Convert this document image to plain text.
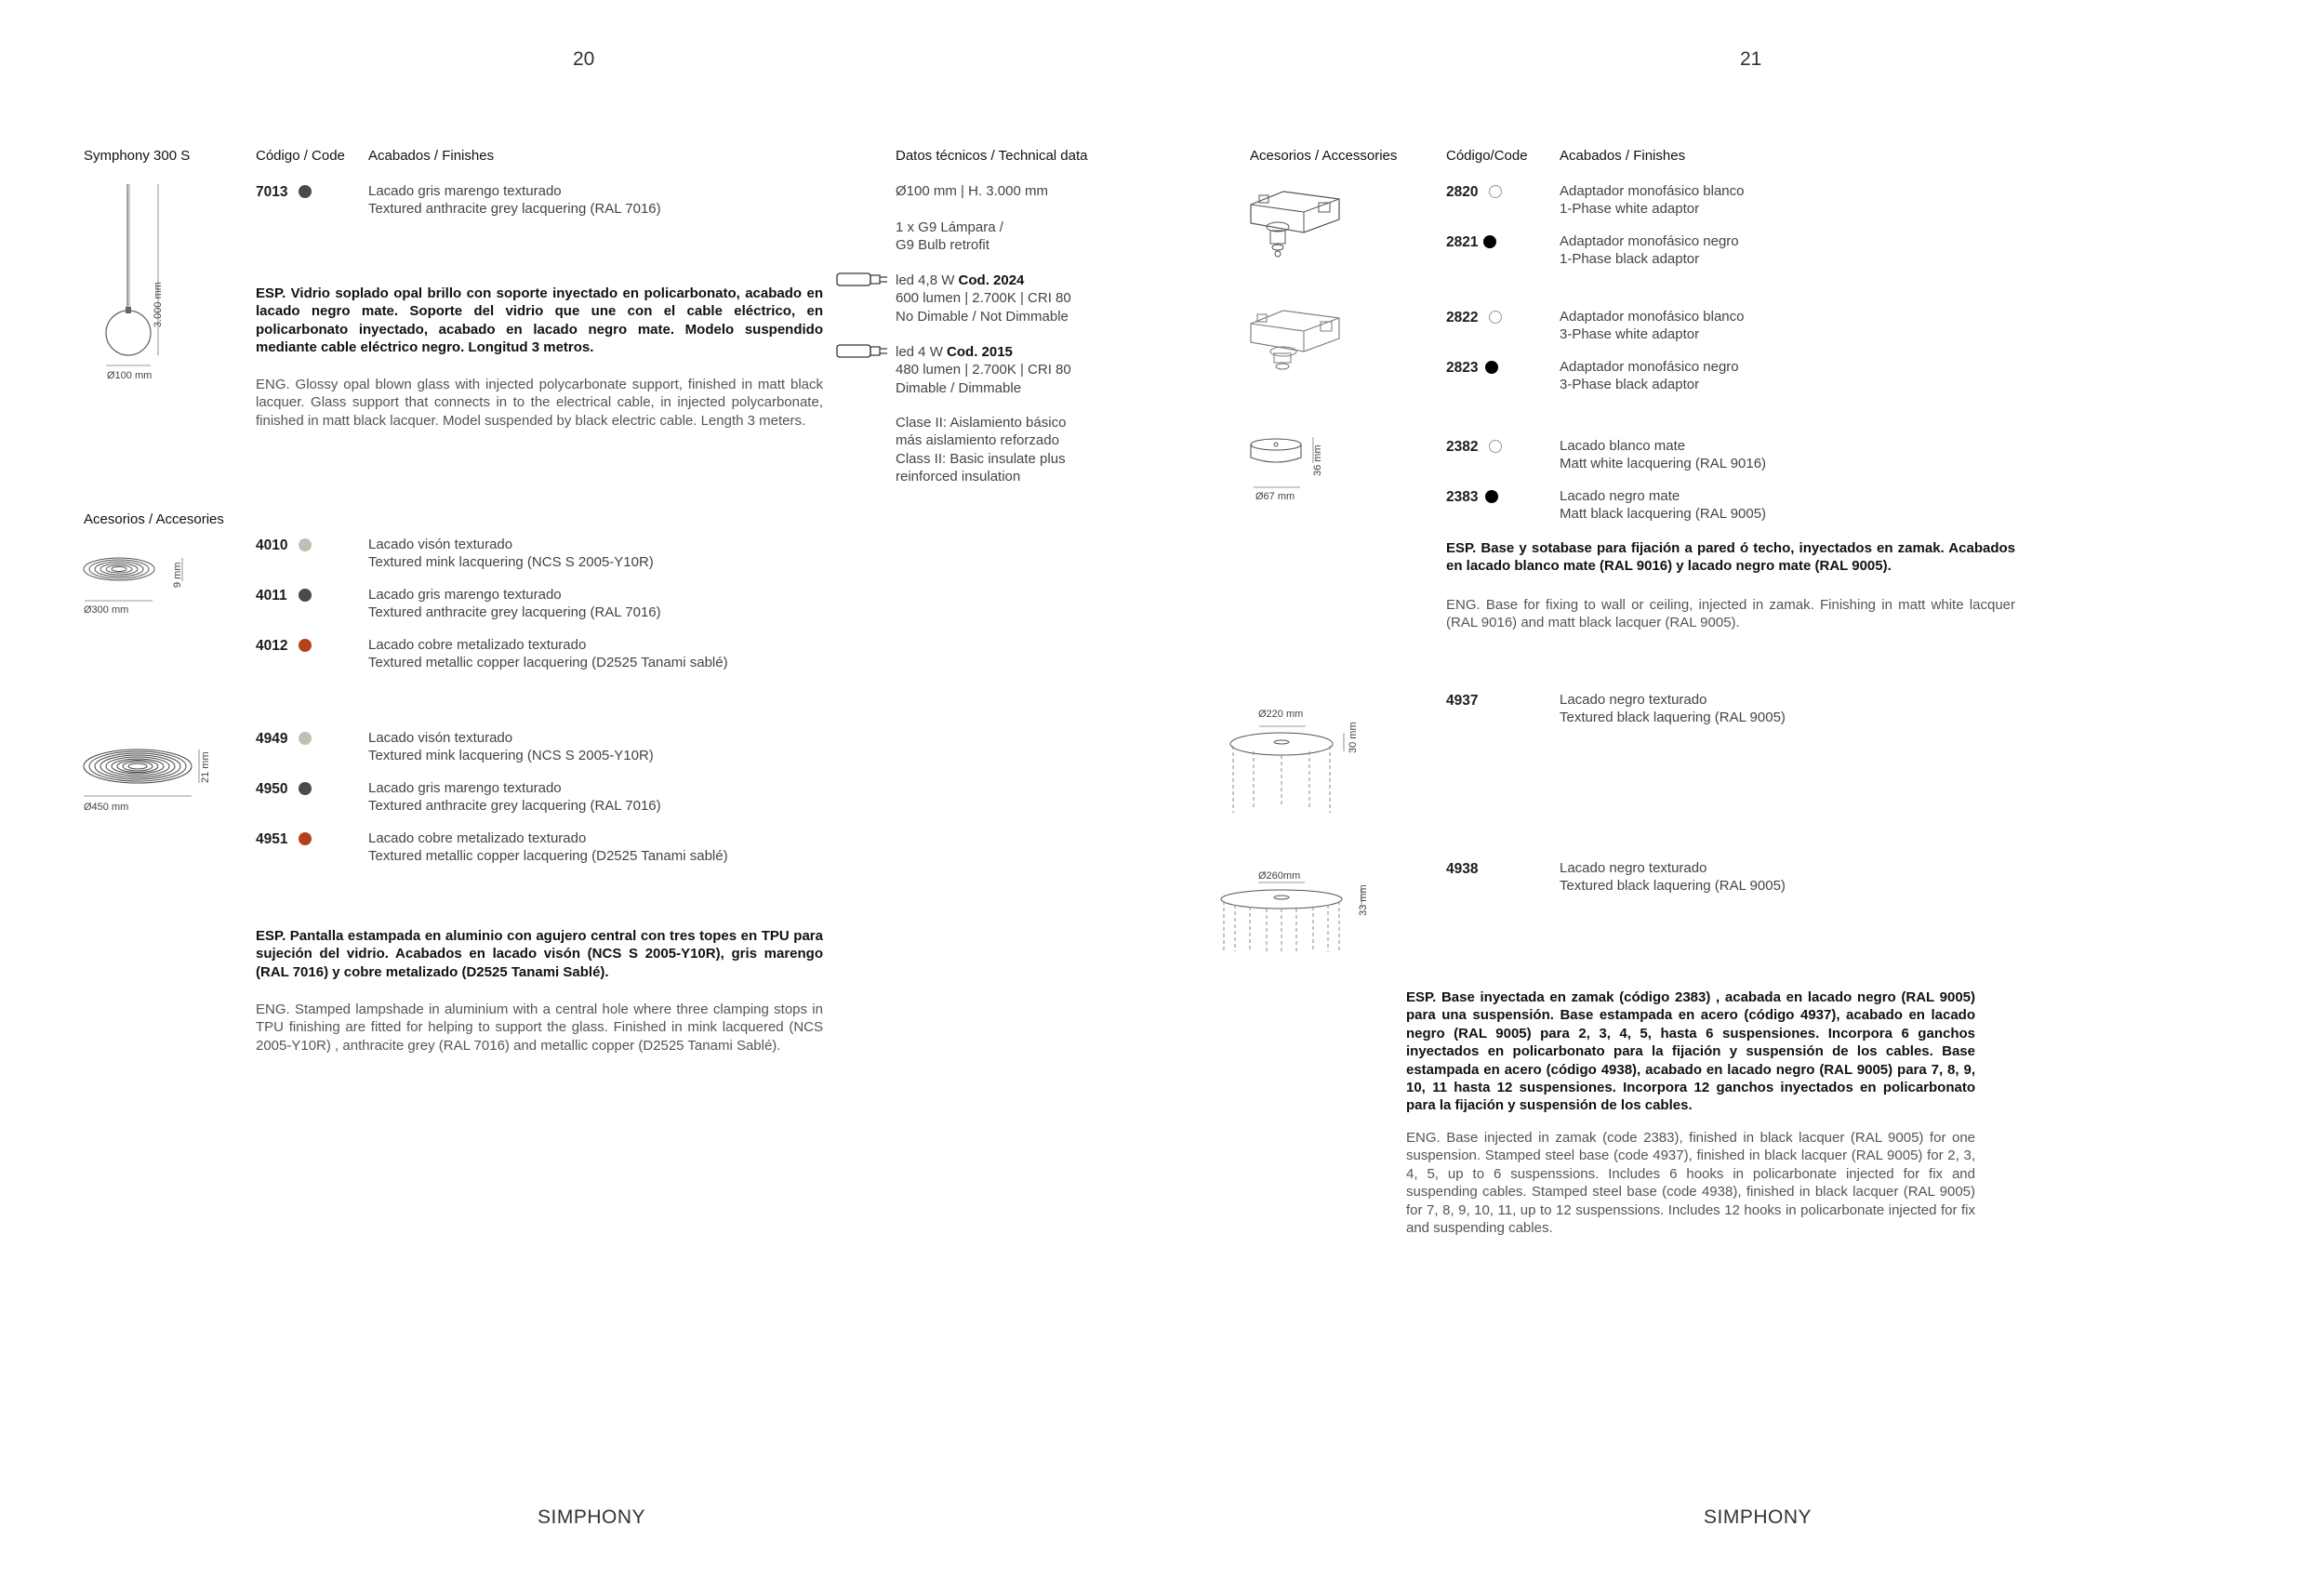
20
Symphony 300 S	Código / Code Acabados / Finishes	Datos técnicos / Technical data
3.000 mm
Ø100 mm
7013	Lacado gris marengo texturado
Textured anthracite grey lacquering (RAL 7016)
ESP. Vidrio soplado opal brillo con soporte inyectado en policarbonato, acabado en lacado negro mate. Soporte del vidrio que une con el cable eléctrico, en policarbonato inyectado, acabado en lacado negro mate. Modelo suspendido mediante cable eléctrico negro. Longitud 3 metros.
ENG. Glossy opal blown glass with injected polycarbonate support, finished in matt black lacquer. Glass support that connects in to the electrical cable, in injected polycarbonate, finished in matt black lacquer. Model suspended by black electric cable. Length 3 meters.
Ø100 mm | H. 3.000 mm
1 x G9 Lámpara /
G9 Bulb retrofit
led 4,8 W Cod. 2024
600 lumen | 2.700K | CRI 80
No Dimable / Not Dimmable
led 4 W Cod. 2015
480 lumen | 2.700K | CRI 80
Dimable / Dimmable
Clase II: Aislamiento básico
más aislamiento reforzado
Class II: Basic insulate plus
reinforced insulation
Acesorios / Accesories
9 mm
Ø300 mm
4010	Lacado visón texturado
Textured mink lacquering (NCS S 2005-Y10R)
4011	Lacado gris marengo texturado
Textured anthracite grey lacquering (RAL 7016)
4012	Lacado cobre metalizado texturado
Textured metallic copper lacquering (D2525 Tanami sablé)
21 mm
Ø450 mm
4949	Lacado visón texturado
Textured mink lacquering (NCS S 2005-Y10R)
4950	Lacado gris marengo texturado
Textured anthracite grey lacquering (RAL 7016)
4951	Lacado cobre metalizado texturado
Textured metallic copper lacquering (D2525 Tanami sablé)
ESP. Pantalla estampada en aluminio con agujero central con tres topes en TPU para sujeción del vidrio. Acabados en lacado visón (NCS S 2005-Y10R), gris marengo (RAL 7016) y cobre metalizado (D2525 Tanami Sablé).
ENG. Stamped lampshade in aluminium with a central hole where three clamping stops in TPU finishing are fitted for helping to support the glass. Finished in mink lacquered (NCS 2005-Y10R) , anthracite grey (RAL 7016) and metallic copper (D2525 Tanami Sablé).
SIMPHONY
21
Acesorios / Accessories	Código/Code Acabados / Finishes
2820	Adaptador monofásico blanco
1-Phase white adaptor
2821	Adaptador monofásico negro
1-Phase black adaptor
2822	Adaptador monofásico blanco
3-Phase white adaptor
2823	Adaptador monofásico negro
3-Phase black adaptor
36 mm
Ø67 mm
2382	Lacado blanco mate
Matt white lacquering (RAL 9016)
2383	Lacado negro mate
Matt black lacquering (RAL 9005)
ESP. Base y sotabase para fijación a pared ó techo, inyectados en zamak. Acabados en lacado blanco mate (RAL 9016) y lacado negro mate (RAL 9005).
ENG. Base for fixing to wall or ceiling, injected in zamak. Finishing in matt white lacquer (RAL 9016) and matt black lacquer (RAL 9005).
Ø220 mm
30 mm
4937	Lacado negro texturado
Textured black laquering (RAL 9005)
Ø260mm
33 mm
4938	Lacado negro texturado
Textured black laquering (RAL 9005)
ESP. Base inyectada en zamak (código 2383) , acabada en lacado negro (RAL 9005) para una suspensión. Base estampada en acero (código 4937), acabado en lacado negro (RAL 9005) para 2, 3, 4, 5, hasta 6 suspensiones. Incorpora 6 ganchos inyectados en policarbonato para la fijación y suspensión de los cables. Base estampada en acero (código 4938), acabado en lacado negro (RAL 9005) para 7, 8, 9, 10, 11 hasta 12 suspensiones. Incorpora 12 ganchos inyectados en policarbonato para la fijación y suspensión de los cables.
ENG. Base injected in zamak (code 2383), finished in black lacquer (RAL 9005) for one suspension. Stamped steel base (code 4937), finished in black lacquer (RAL 9005) for 2, 3, 4, 5, up to 6 suspenssions. Includes 6 hooks in policarbonate injected for fix and suspending cables. Stamped steel base (code 4938), finished in black lacquer (RAL 9005) for 7, 8, 9, 10, 11, up to 12 suspenssions. Includes 12 hooks in policarbonate injected for fix and suspending cables.
SIMPHONY
